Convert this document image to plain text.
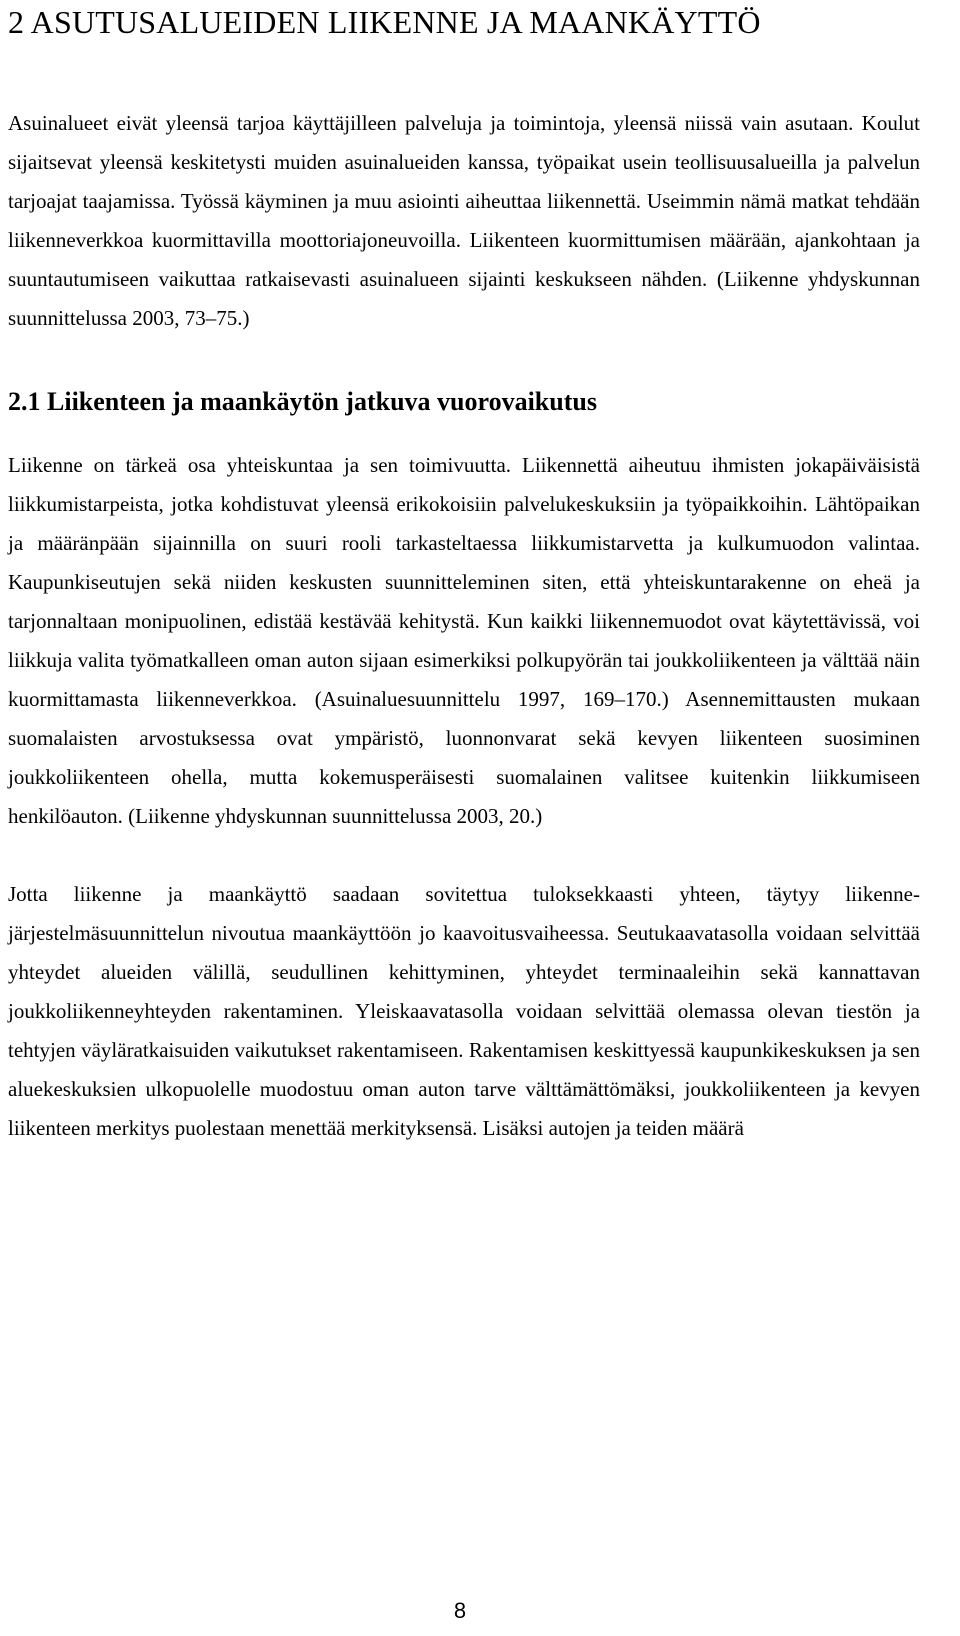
2 ASUTUSALUEIDEN LIIKENNE JA MAANKÄYTTÖ

Asuinalueet eivät yleensä tarjoa käyttäjilleen palveluja ja toimintoja, yleensä niissä vain asutaan. Koulut sijaitsevat yleensä keskitetysti muiden asuinalueiden kanssa, työpaikat usein teollisuusalueilla ja palvelun tarjoajat taajamissa. Työssä käyminen ja muu asiointi aiheuttaa liikennettä. Useimmin nämä matkat tehdään liikenneverkkoa kuormittavilla moottoriajoneuvoilla. Liikenteen kuormittumisen määrään, ajankohtaan ja suuntautumiseen vaikuttaa ratkaisevasti asuinalueen sijainti keskukseen nähden. (Liikenne yhdyskunnan suunnittelussa 2003, 73–75.)

2.1 Liikenteen ja maankäytön jatkuva vuorovaikutus

Liikenne on tärkeä osa yhteiskuntaa ja sen toimivuutta. Liikennettä aiheutuu ihmisten jokapäiväisistä liikkumistarpeista, jotka kohdistuvat yleensä erikokoisiin palvelukeskuksiin ja työpaikkoihin. Lähtöpaikan ja määränpään sijainnilla on suuri rooli tarkasteltaessa liikkumistarvetta ja kulkumuodon valintaa. Kaupunkiseutujen sekä niiden keskusten suunnitteleminen siten, että yhteiskuntarakenne on eheä ja tarjonnaltaan monipuolinen, edistää kestävää kehitystä. Kun kaikki liikennemuodot ovat käytettävissä, voi liikkuja valita työmatkalleen oman auton sijaan esimerkiksi polkupyörän tai joukkoliikenteen ja välttää näin kuormittamasta liikenneverkkoa. (Asuinaluesuunnittelu 1997, 169–170.) Asennemittausten mukaan suomalaisten arvostuksessa ovat ympäristö, luonnonvarat sekä kevyen liikenteen suosiminen joukkoliikenteen ohella, mutta kokemusperäisesti suomalainen valitsee kuitenkin liikkumiseen henkilöauton. (Liikenne yhdyskunnan suunnittelussa 2003, 20.)

Jotta liikenne ja maankäyttö saadaan sovitettua tuloksekkaasti yhteen, täytyy liikennejärjestelmäsuunnittelun nivoutua maankäyttöön jo kaavoitusvaiheessa. Seutukaavatasolla voidaan selvittää yhteydet alueiden välillä, seudullinen kehittyminen, yhteydet terminaaleihin sekä kannattavan joukkoliikenneyhteyden rakentaminen. Yleiskaavatasolla voidaan selvittää olemassa olevan tiestön ja tehtyjen väyläratkaisuiden vaikutukset rakentamiseen. Rakentamisen keskittyessä kaupunkikeskuksen ja sen aluekeskuksien ulkopuolelle muodostuu oman auton tarve välttämättömäksi, joukkoliikenteen ja kevyen liikenteen merkitys puolestaan menettää merkityksensä. Lisäksi autojen ja teiden määrä

8
